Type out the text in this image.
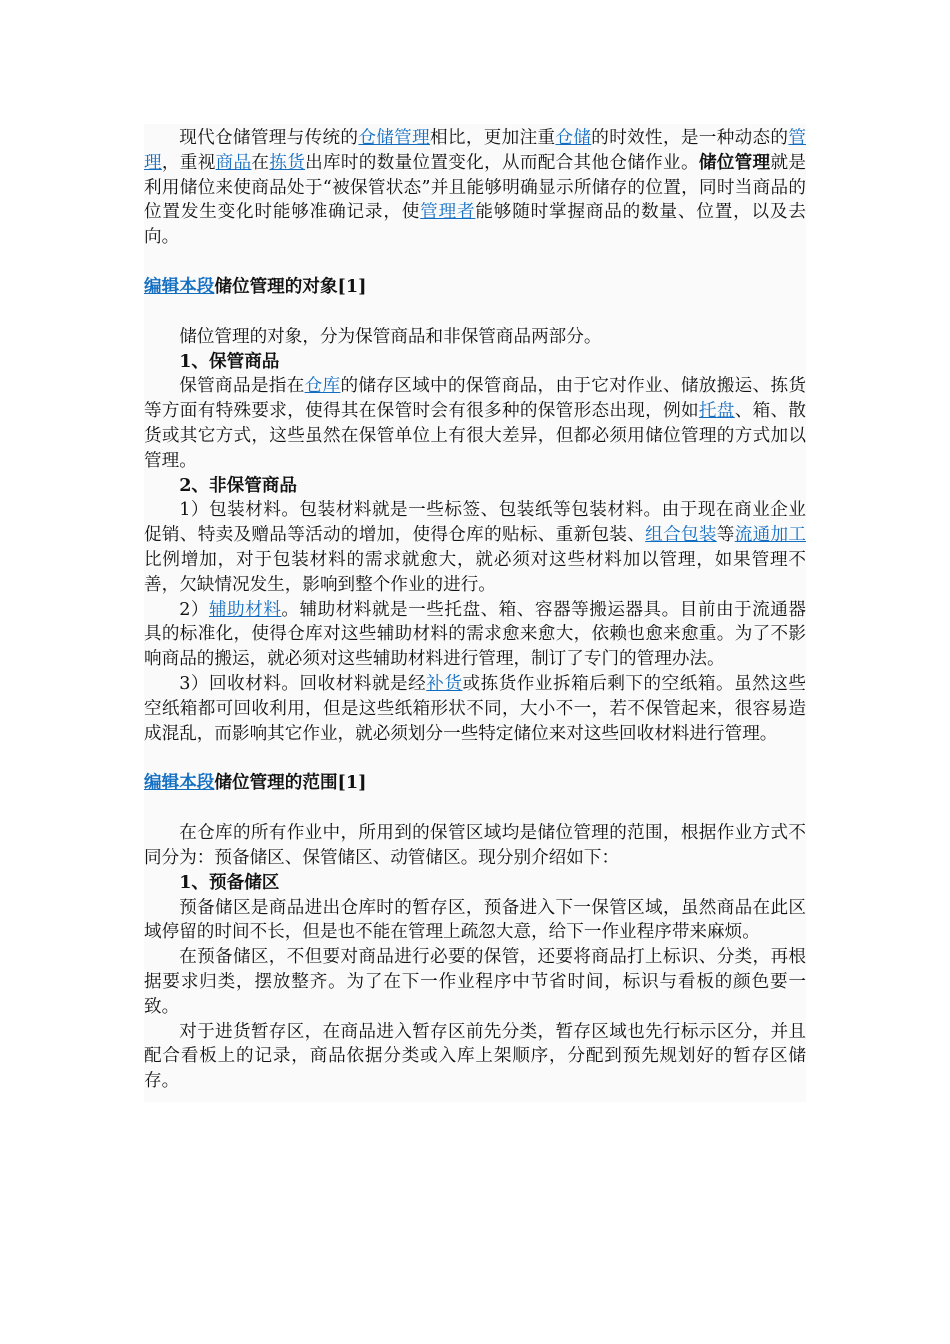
现代仓储管理与传统的仓储管理相比，更加注重仓储的时效性，是一种动态的管理，重视商品在拣货出库时的数量位置变化，从而配合其他仓储作业。储位管理就是利用储位来使商品处于“被保管状态”并且能够明确显示所储存的位置，同时当商品的位置发生变化时能够准确记录，使管理者能够随时掌握商品的数量、位置，以及去向。

编辑本段储位管理的对象[1]

储位管理的对象，分为保管商品和非保管商品两部分。

1、保管商品

保管商品是指在仓库的储存区域中的保管商品，由于它对作业、储放搬运、拣货等方面有特殊要求，使得其在保管时会有很多种的保管形态出现，例如托盘、箱、散货或其它方式，这些虽然在保管单位上有很大差异，但都必须用储位管理的方式加以管理。

2、非保管商品

1）包装材料。包装材料就是一些标签、包装纸等包装材料。由于现在商业企业促销、特卖及赠品等活动的增加，使得仓库的贴标、重新包装、组合包装等流通加工比例增加，对于包装材料的需求就愈大，就必须对这些材料加以管理，如果管理不善，欠缺情况发生，影响到整个作业的进行。

2）辅助材料。辅助材料就是一些托盘、箱、容器等搬运器具。目前由于流通器具的标准化，使得仓库对这些辅助材料的需求愈来愈大，依赖也愈来愈重。为了不影响商品的搬运，就必须对这些辅助材料进行管理，制订了专门的管理办法。

3）回收材料。回收材料就是经补货或拣货作业拆箱后剩下的空纸箱。虽然这些空纸箱都可回收利用，但是这些纸箱形状不同，大小不一，若不保管起来，很容易造成混乱，而影响其它作业，就必须划分一些特定储位来对这些回收材料进行管理。

编辑本段储位管理的范围[1]

在仓库的所有作业中，所用到的保管区域均是储位管理的范围，根据作业方式不同分为：预备储区、保管储区、动管储区。现分别介绍如下：

1、预备储区

预备储区是商品进出仓库时的暂存区，预备进入下一保管区域，虽然商品在此区域停留的时间不长，但是也不能在管理上疏忽大意，给下一作业程序带来麻烦。

在预备储区，不但要对商品进行必要的保管，还要将商品打上标识、分类，再根据要求归类，摆放整齐。为了在下一作业程序中节省时间，标识与看板的颜色要一致。

对于进货暂存区，在商品进入暂存区前先分类，暂存区域也先行标示区分，并且配合看板上的记录，商品依据分类或入库上架顺序，分配到预先规划好的暂存区储存。
